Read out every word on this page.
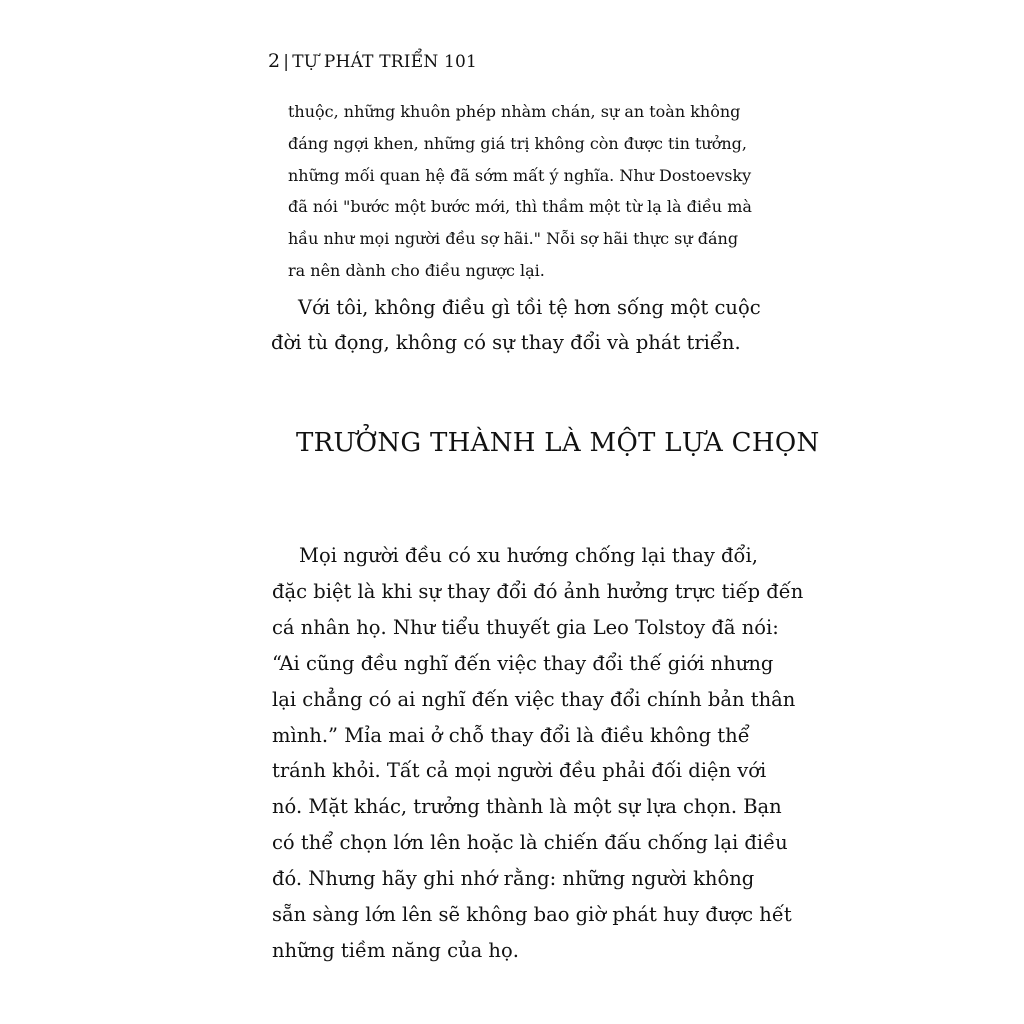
2 | TỰ PHÁT TRIỂN 101
thuộc, những khuôn phép nhàm chán, sự an toàn không
đáng ngợi khen, những giá trị không còn được tin tưởng,
những mối quan hệ đã sớm mất ý nghĩa. Như Dostoevsky
đã nói "bước một bước mới, thì thầm một từ lạ là điều mà
hầu như mọi người đều sợ hãi." Nỗi sợ hãi thực sự đáng
ra nên dành cho điều ngược lại.
Với tôi, không điều gì tồi tệ hơn sống một cuộc
đời tù đọng, không có sự thay đổi và phát triển.
TRƯỞNG THÀNH LÀ MỘT LỰA CHỌN
Mọi người đều có xu hướng chống lại thay đổi,
đặc biệt là khi sự thay đổi đó ảnh hưởng trực tiếp đến
cá nhân họ. Như tiểu thuyết gia Leo Tolstoy đã nói:
“Ai cũng đều nghĩ đến việc thay đổi thế giới nhưng
lại chẳng có ai nghĩ đến việc thay đổi chính bản thân
mình.” Mỉa mai ở chỗ thay đổi là điều không thể
tránh khỏi. Tất cả mọi người đều phải đối diện với
nó. Mặt khác, trưởng thành là một sự lựa chọn. Bạn
có thể chọn lớn lên hoặc là chiến đấu chống lại điều
đó. Nhưng hãy ghi nhớ rằng: những người không
sẵn sàng lớn lên sẽ không bao giờ phát huy được hết
những tiềm năng của họ.
